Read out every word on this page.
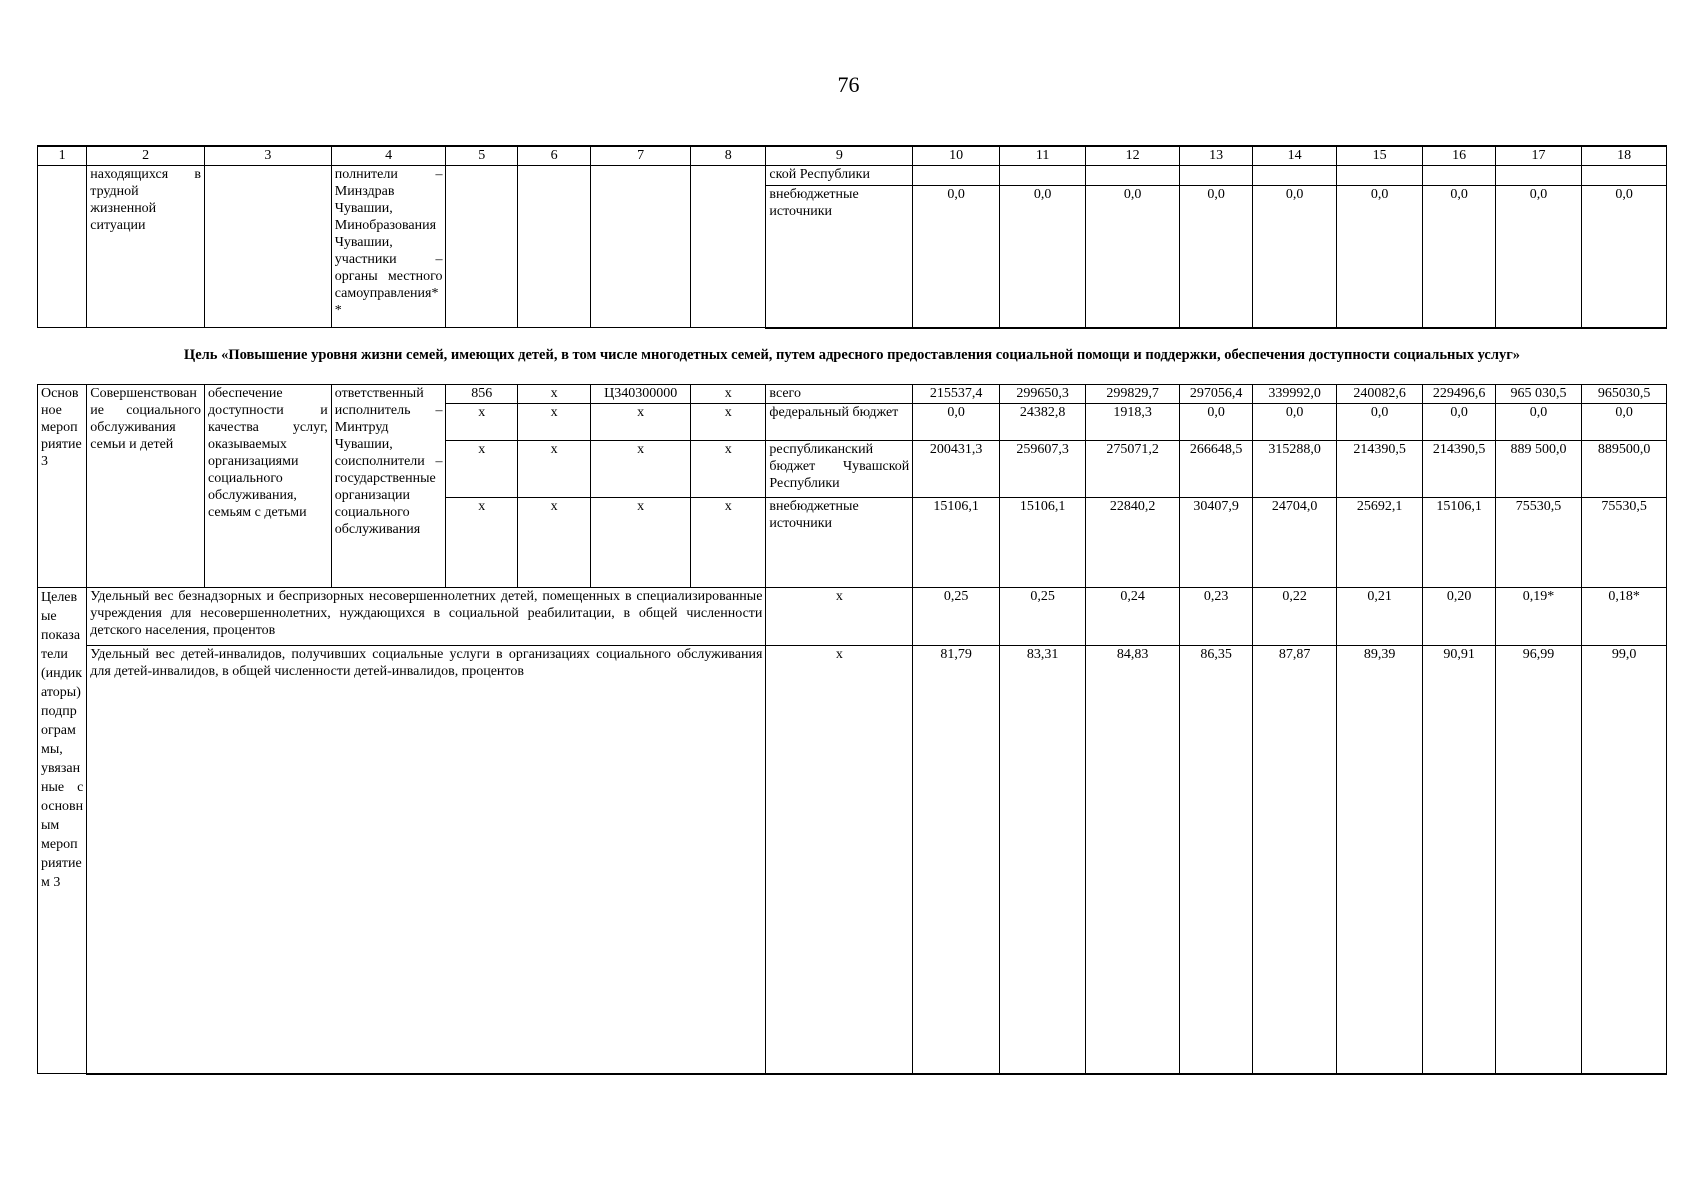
76
1	2	3	4	5	6	7	8	9	10	11	12	13	14	15	16	17	18
	находящихся в трудной жизненной ситуации		полнители – Минздрав Чувашии, Минобразования Чувашии, участники – органы местного самоуправления**					ской Республики									
								внебюджетные источники	0,0	0,0	0,0	0,0	0,0	0,0	0,0	0,0	0,0
Цель «Повышение уровня жизни семей, имеющих детей, в том числе многодетных семей, путем адресного предоставления социальной помощи и поддержки, обеспечения доступности социальных услуг»
Основное мероприятие 3	Совершенствование социального обслуживания семьи и детей	обеспечение доступности и качества услуг, оказываемых организациями социального обслуживания, семьям с детьми	ответственный исполнитель – Минтруд Чувашии, соисполнители – государственные организации социального обслуживания	856	x	Ц340300000	x	всего	215537,4	299650,3	299829,7	297056,4	339992,0	240082,6	229496,6	965 030,5	965030,5
				x	x	x	x	федеральный бюджет	0,0	24382,8	1918,3	0,0	0,0	0,0	0,0	0,0	0,0
				x	x	x	x	республиканский бюджет Чувашской Республики	200431,3	259607,3	275071,2	266648,5	315288,0	214390,5	214390,5	889 500,0	889500,0
				x	x	x	x	внебюджетные источники	15106,1	15106,1	22840,2	30407,9	24704,0	25692,1	15106,1	75530,5	75530,5
Целевые показатели (индикаторы) подпрограммы, увязанные с основным мероприятием 3	Удельный вес безнадзорных и беспризорных несовершеннолетних детей, помещенных в специализированные учреждения для несовершеннолетних, нуждающихся в социальной реабилитации, в общей численности детского населения, процентов							x	0,25	0,25	0,24	0,23	0,22	0,21	0,20	0,19*	0,18*
	Удельный вес детей-инвалидов, получивших социальные услуги в организациях социального обслуживания для детей-инвалидов, в общей численности детей-инвалидов, процентов							x	81,79	83,31	84,83	86,35	87,87	89,39	90,91	96,99	99,0
